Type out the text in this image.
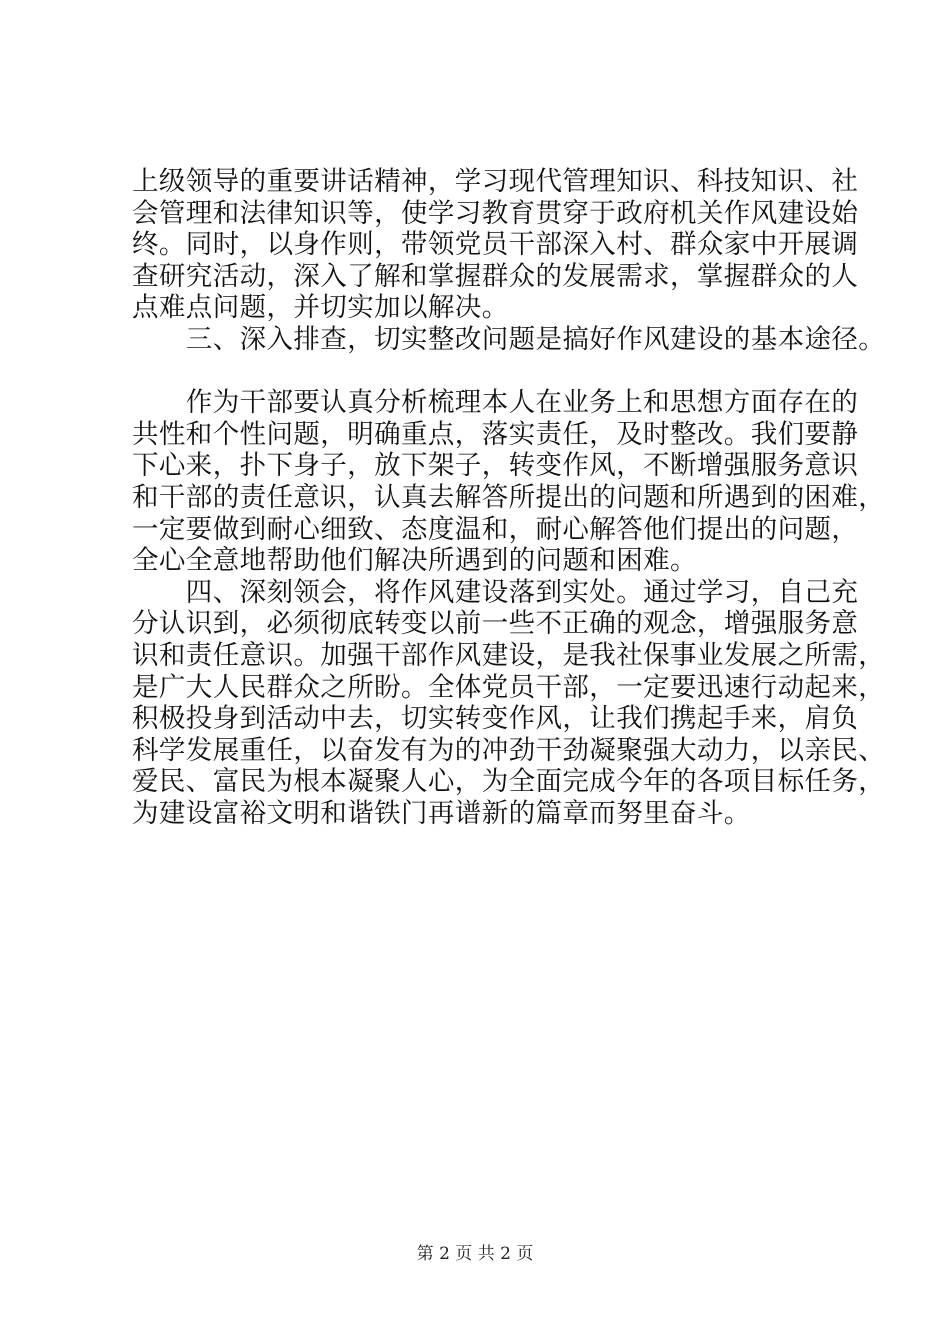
上级领导的重要讲话精神，学习现代管理知识、科技知识、社
会管理和法律知识等，使学习教育贯穿于政府机关作风建设始
终。同时，以身作则，带领党员干部深入村、群众家中开展调
查研究活动，深入了解和掌握群众的发展需求，掌握群众的人
点难点问题，并切实加以解决。
　　三、深入排查，切实整改问题是搞好作风建设的基本途径。
　　作为干部要认真分析梳理本人在业务上和思想方面存在的
共性和个性问题，明确重点，落实责任，及时整改。我们要静
下心来，扑下身子，放下架子，转变作风，不断增强服务意识
和干部的责任意识，认真去解答所提出的问题和所遇到的困难，
一定要做到耐心细致、态度温和，耐心解答他们提出的问题，
全心全意地帮助他们解决所遇到的问题和困难。
　　四、深刻领会，将作风建设落到实处。通过学习，自己充
分认识到，必须彻底转变以前一些不正确的观念，增强服务意
识和责任意识。加强干部作风建设，是我社保事业发展之所需，
是广大人民群众之所盼。全体党员干部，一定要迅速行动起来，
积极投身到活动中去，切实转变作风，让我们携起手来，肩负
科学发展重任，以奋发有为的冲劲干劲凝聚强大动力，以亲民、
爱民、富民为根本凝聚人心，为全面完成今年的各项目标任务，
为建设富裕文明和谐铁门再谱新的篇章而努里奋斗。
第 2 页 共 2 页
